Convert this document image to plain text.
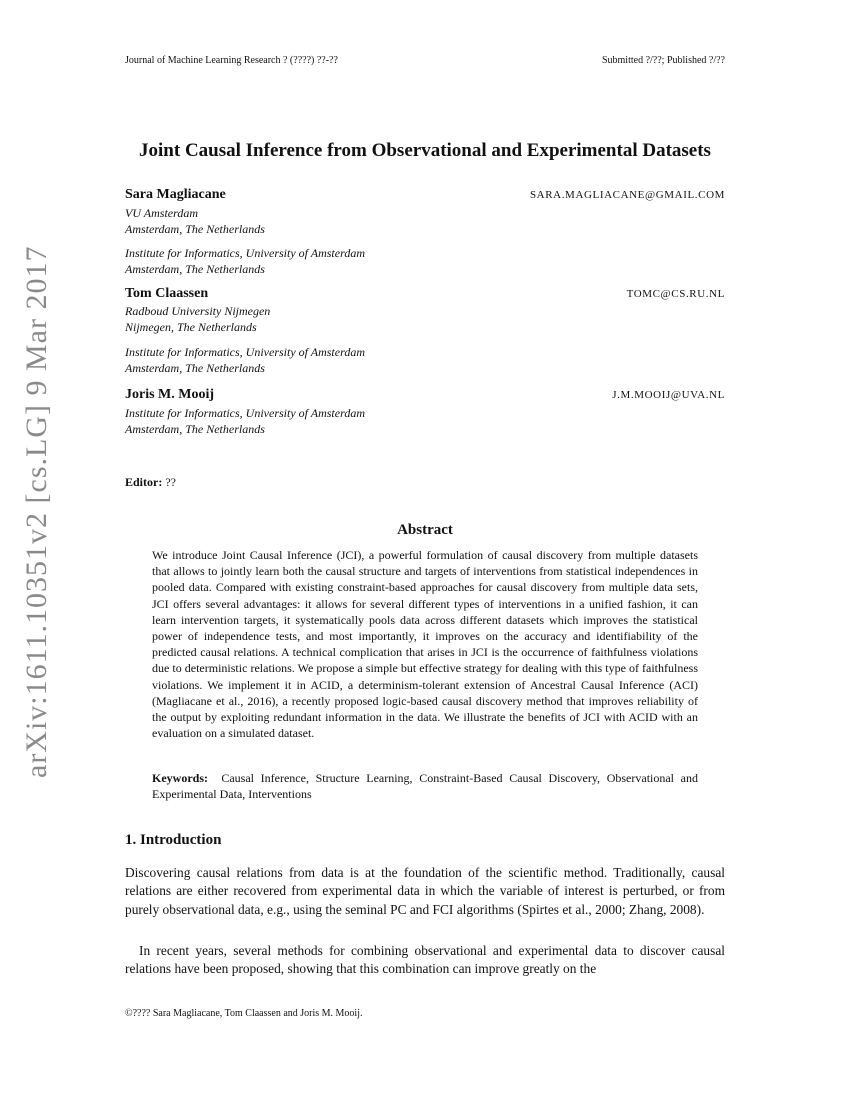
Journal of Machine Learning Research ? (????) ??-??	Submitted ?/??; Published ?/??
arXiv:1611.10351v2 [cs.LG] 9 Mar 2017
Joint Causal Inference from Observational and Experimental Datasets
Sara Magliacane	SARA.MAGLIACANE@GMAIL.COM
VU Amsterdam
Amsterdam, The Netherlands
Institute for Informatics, University of Amsterdam
Amsterdam, The Netherlands
Tom Claassen	TOMC@CS.RU.NL
Radboud University Nijmegen
Nijmegen, The Netherlands
Institute for Informatics, University of Amsterdam
Amsterdam, The Netherlands
Joris M. Mooij	J.M.MOOIJ@UVA.NL
Institute for Informatics, University of Amsterdam
Amsterdam, The Netherlands
Editor: ??
Abstract
We introduce Joint Causal Inference (JCI), a powerful formulation of causal discovery from multiple datasets that allows to jointly learn both the causal structure and targets of interventions from statistical independences in pooled data. Compared with existing constraint-based approaches for causal discovery from multiple data sets, JCI offers several advantages: it allows for several different types of interventions in a unified fashion, it can learn intervention targets, it systematically pools data across different datasets which improves the statistical power of independence tests, and most importantly, it improves on the accuracy and identifiability of the predicted causal relations. A technical complication that arises in JCI is the occurrence of faithfulness violations due to deterministic relations. We propose a simple but effective strategy for dealing with this type of faithfulness violations. We implement it in ACID, a determinism-tolerant extension of Ancestral Causal Inference (ACI) (Magliacane et al., 2016), a recently proposed logic-based causal discovery method that improves reliability of the output by exploiting redundant information in the data. We illustrate the benefits of JCI with ACID with an evaluation on a simulated dataset.
Keywords: Causal Inference, Structure Learning, Constraint-Based Causal Discovery, Observational and Experimental Data, Interventions
1. Introduction
Discovering causal relations from data is at the foundation of the scientific method. Traditionally, causal relations are either recovered from experimental data in which the variable of interest is perturbed, or from purely observational data, e.g., using the seminal PC and FCI algorithms (Spirtes et al., 2000; Zhang, 2008).
In recent years, several methods for combining observational and experimental data to discover causal relations have been proposed, showing that this combination can improve greatly on the
©???? Sara Magliacane, Tom Claassen and Joris M. Mooij.
